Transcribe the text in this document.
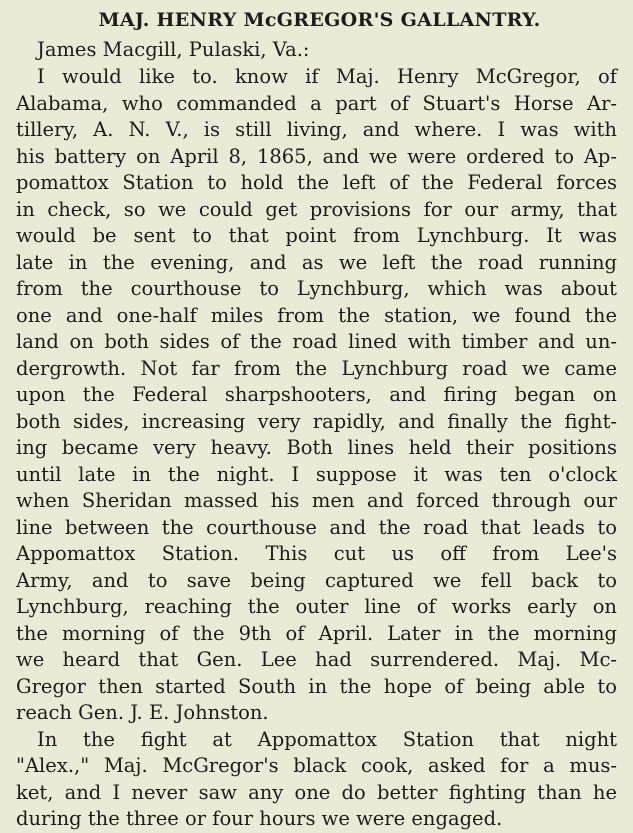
MAJ. HENRY McGREGOR'S GALLANTRY.

James Macgill, Pulaski, Va.:

I would like to. know if Maj. Henry McGregor, of
Alabama, who commanded a part of Stuart's Horse Ar-
tillery, A. N. V., is still living, and where. I was with
his battery on April 8, 1865, and we were ordered to Ap-
pomattox Station to hold the left of the Federal forces
in check, so we could get provisions for our army, that
would be sent to that point from Lynchburg. It was
late in the evening, and as we left the road running
from the courthouse to Lynchburg, which was about
one and one-half miles from the station, we found the
land on both sides of the road lined with timber and un-
dergrowth. Not far from the Lynchburg road we came
upon the Federal sharpshooters, and firing began on
both sides, increasing very rapidly, and finally the fight-
ing became very heavy. Both lines held their positions
until late in the night. I suppose it was ten o'clock
when Sheridan massed his men and forced through our
line between the courthouse and the road that leads to
Appomattox Station. This cut us off from Lee's
Army, and to save being captured we fell back to
Lynchburg, reaching the outer line of works early on
the morning of the 9th of April. Later in the morning
we heard that Gen. Lee had surrendered. Maj. Mc-
Gregor then started South in the hope of being able to
reach Gen. J. E. Johnston.

In the fight at Appomattox Station that night
"Alex.," Maj. McGregor's black cook, asked for a mus-
ket, and I never saw any one do better fighting than he
during the three or four hours we were engaged.
